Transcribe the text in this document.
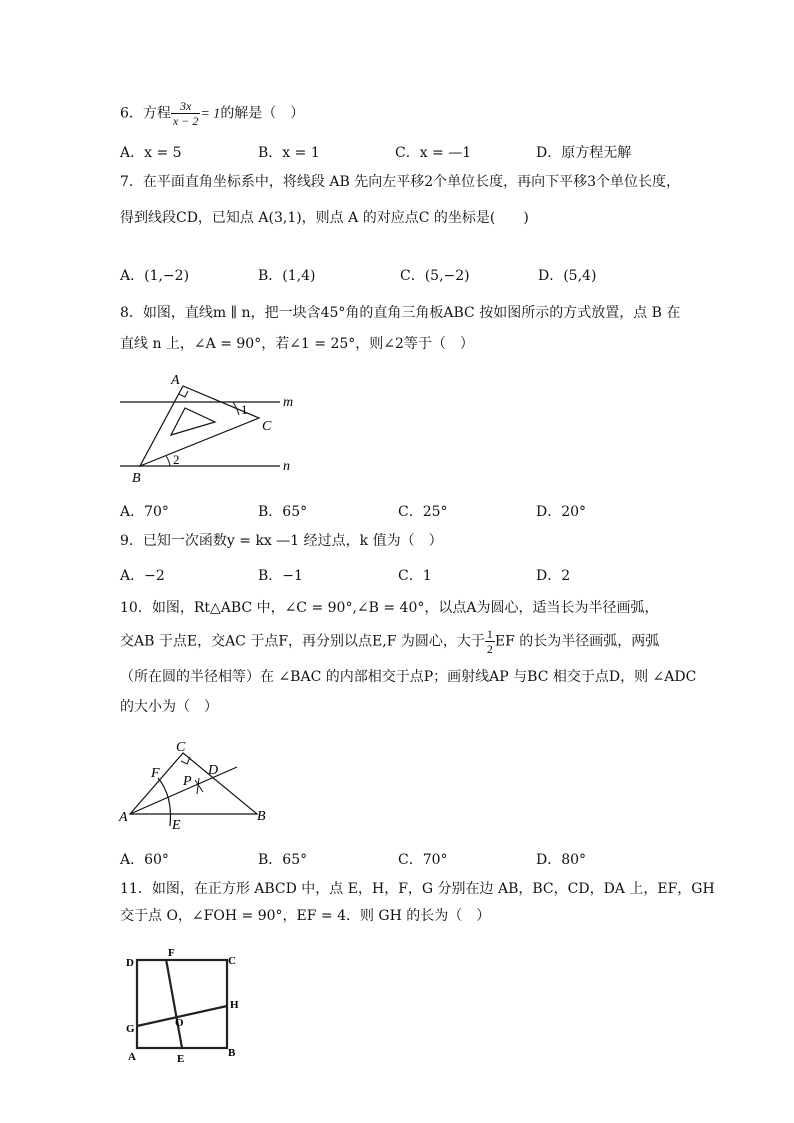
6．方程 $\frac{3x}{x - 2} = 1$的解是（　）
A．x = 5	B．x = 1	C．x = —1	D．原方程无解
7．在平面直角坐标系中，将线段 AB 先向左平移2个单位长度，再向下平移3个单位长度，
得到线段CD，已知点 A(3,1)，则点 A 的对应点C 的坐标是(　　)
A．(1,−2)	B．(1,4)	C．(5,−2)	D．(5,4)
8．如图，直线m ∥ n，把一块含45°角的直角三角板ABC 按如图所示的方式放置，点 B 在
直线 n 上，∠A = 90°，若∠1 = 25°，则∠2等于（　）
A
B
C
m
n
1
2
A．70°	B．65°	C．25°	D．20°
9．已知一次函数y = kx —1 经过点，k 值为（　）
A．−2	B．−1	C．1	D．2
10．如图，Rt△ABC 中，∠C = 90°,∠B = 40°，以点A为圆心，适当长为半径画弧，
交AB 于点E，交AC 于点F，再分别以点E,F 为圆心，大于 $\frac{1}{2}$ EF 的长为半径画弧，两弧
（所在圆的半径相等）在 ∠BAC 的内部相交于点P；画射线AP 与BC 相交于点D，则 ∠ADC
的大小为（　）
C
F
P
D
A
E
B
A．60°	B．65°	C．70°	D．80°
11．如图，在正方形 ABCD 中，点 E，H，F，G 分别在边 AB，BC，CD，DA 上，EF，GH
交于点 O，∠FOH = 90°，EF = 4．则 GH 的长为（　）
D
F
C
H
G	O
A	E	B
